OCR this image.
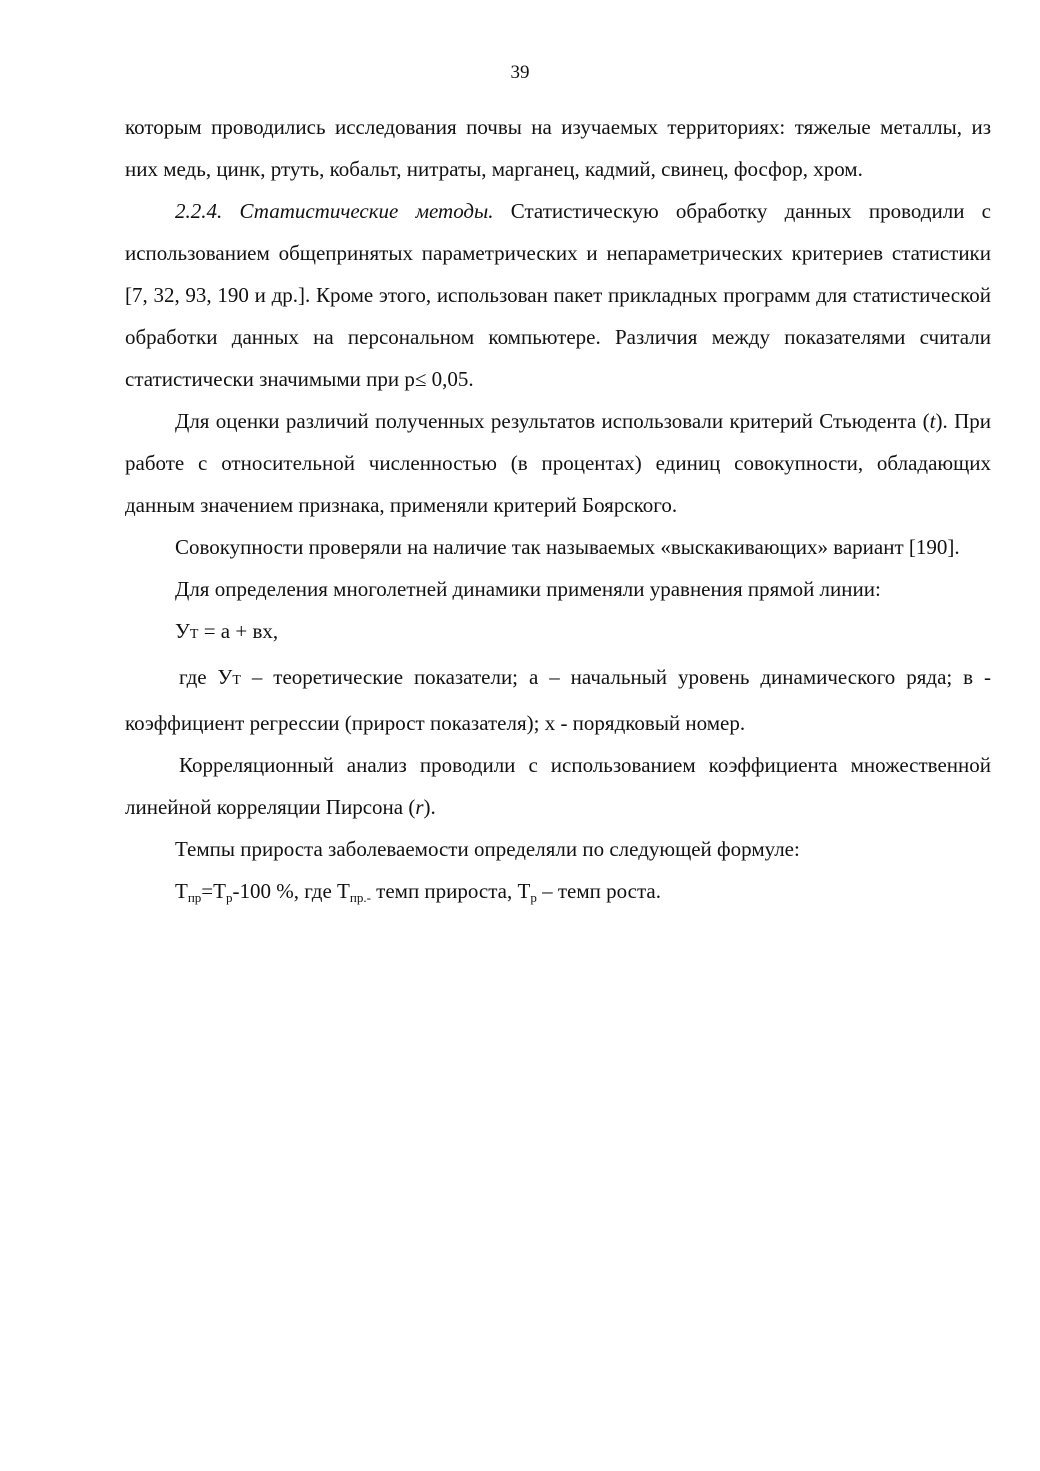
39

которым проводились исследования почвы на изучаемых территориях: тяжелые металлы, из них медь, цинк, ртуть, кобальт, нитраты, марганец, кадмий, свинец, фосфор, хром.

2.2.4. Статистические методы. Статистическую обработку данных проводили с использованием общепринятых параметрических и непараметрических критериев статистики [7, 32, 93, 190 и др.]. Кроме этого, использован пакет прикладных программ для статистической обработки данных на персональном компьютере. Различия между показателями считали статистически значимыми при р≤ 0,05.

Для оценки различий полученных результатов использовали критерий Стьюдента (t). При работе с относительной численностью (в процентах) единиц совокупности, обладающих данным значением признака, применяли критерий Боярского.

Совокупности проверяли на наличие так называемых «выскакивающих» вариант [190].

Для определения многолетней динамики применяли уравнения прямой линии:

УТ = а + вх,

где УТ – теоретические показатели; а – начальный уровень динамического ряда; в - коэффициент регрессии (прирост показателя); х - порядковый номер.

Корреляционный анализ проводили с использованием коэффициента множественной линейной корреляции Пирсона (r).

Темпы прироста заболеваемости определяли по следующей формуле:

$Т_{пр}=Т_р-100$ %, где $Т_{пр.-}$ темп прироста, $Т_р$ – темп роста.
